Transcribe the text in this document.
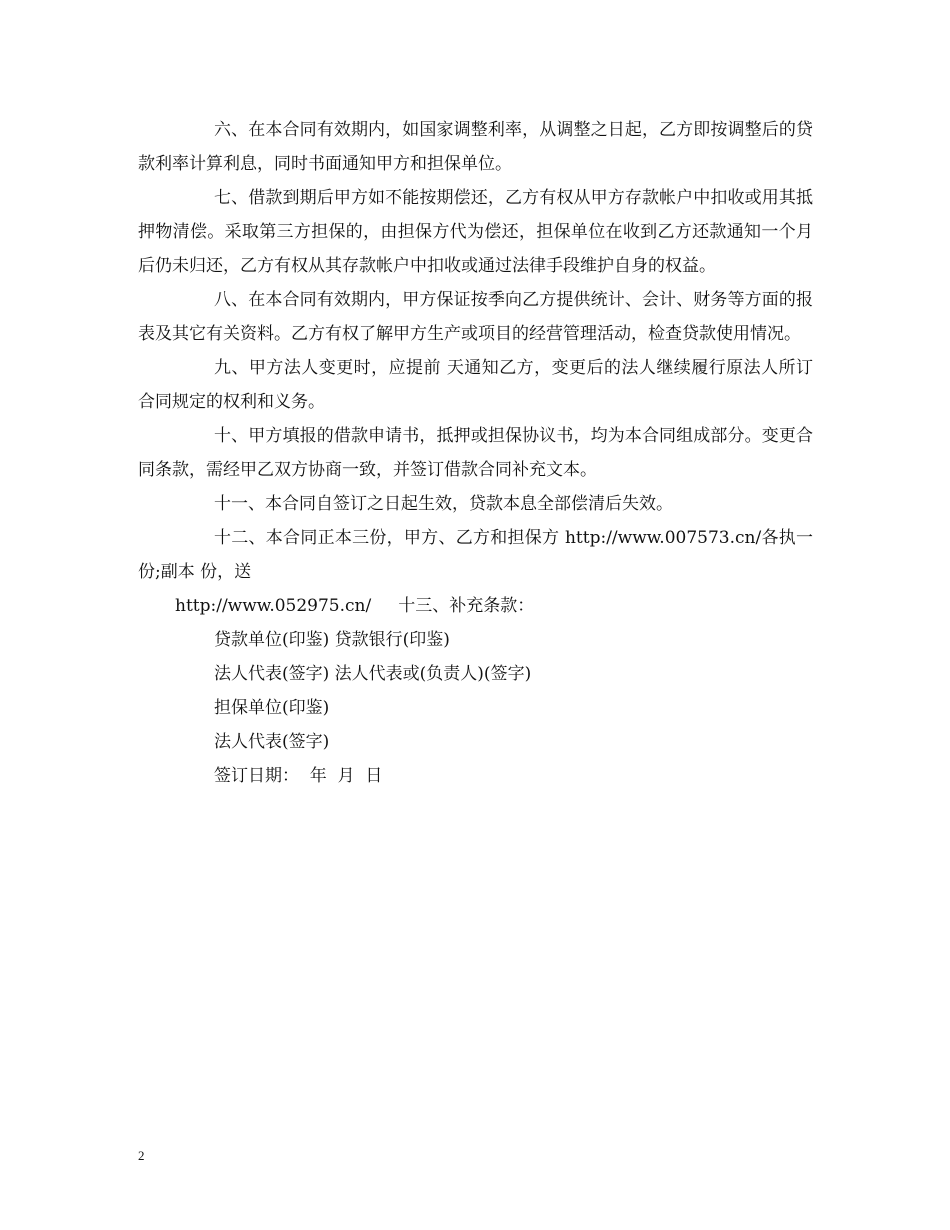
六、在本合同有效期内，如国家调整利率，从调整之日起，乙方即按调整后的贷款利率计算利息，同时书面通知甲方和担保单位。

七、借款到期后甲方如不能按期偿还，乙方有权从甲方存款帐户中扣收或用其抵押物清偿。采取第三方担保的，由担保方代为偿还，担保单位在收到乙方还款通知一个月后仍未归还，乙方有权从其存款帐户中扣收或通过法律手段维护自身的权益。

八、在本合同有效期内，甲方保证按季向乙方提供统计、会计、财务等方面的报表及其它有关资料。乙方有权了解甲方生产或项目的经营管理活动，检查贷款使用情况。

九、甲方法人变更时，应提前 天通知乙方，变更后的法人继续履行原法人所订合同规定的权利和义务。

十、甲方填报的借款申请书，抵押或担保协议书，均为本合同组成部分。变更合同条款，需经甲乙双方协商一致，并签订借款合同补充文本。

十一、本合同自签订之日起生效，贷款本息全部偿清后失效。

十二、本合同正本三份，甲方、乙方和担保方 http://www.007573.cn/各执一份;副本 份，送

http://www.052975.cn/     十三、补充条款：

贷款单位(印鉴) 贷款银行(印鉴)

法人代表(签字) 法人代表或(负责人)(签字)

担保单位(印鉴)

法人代表(签字)

签订日期：  年  月  日

2
